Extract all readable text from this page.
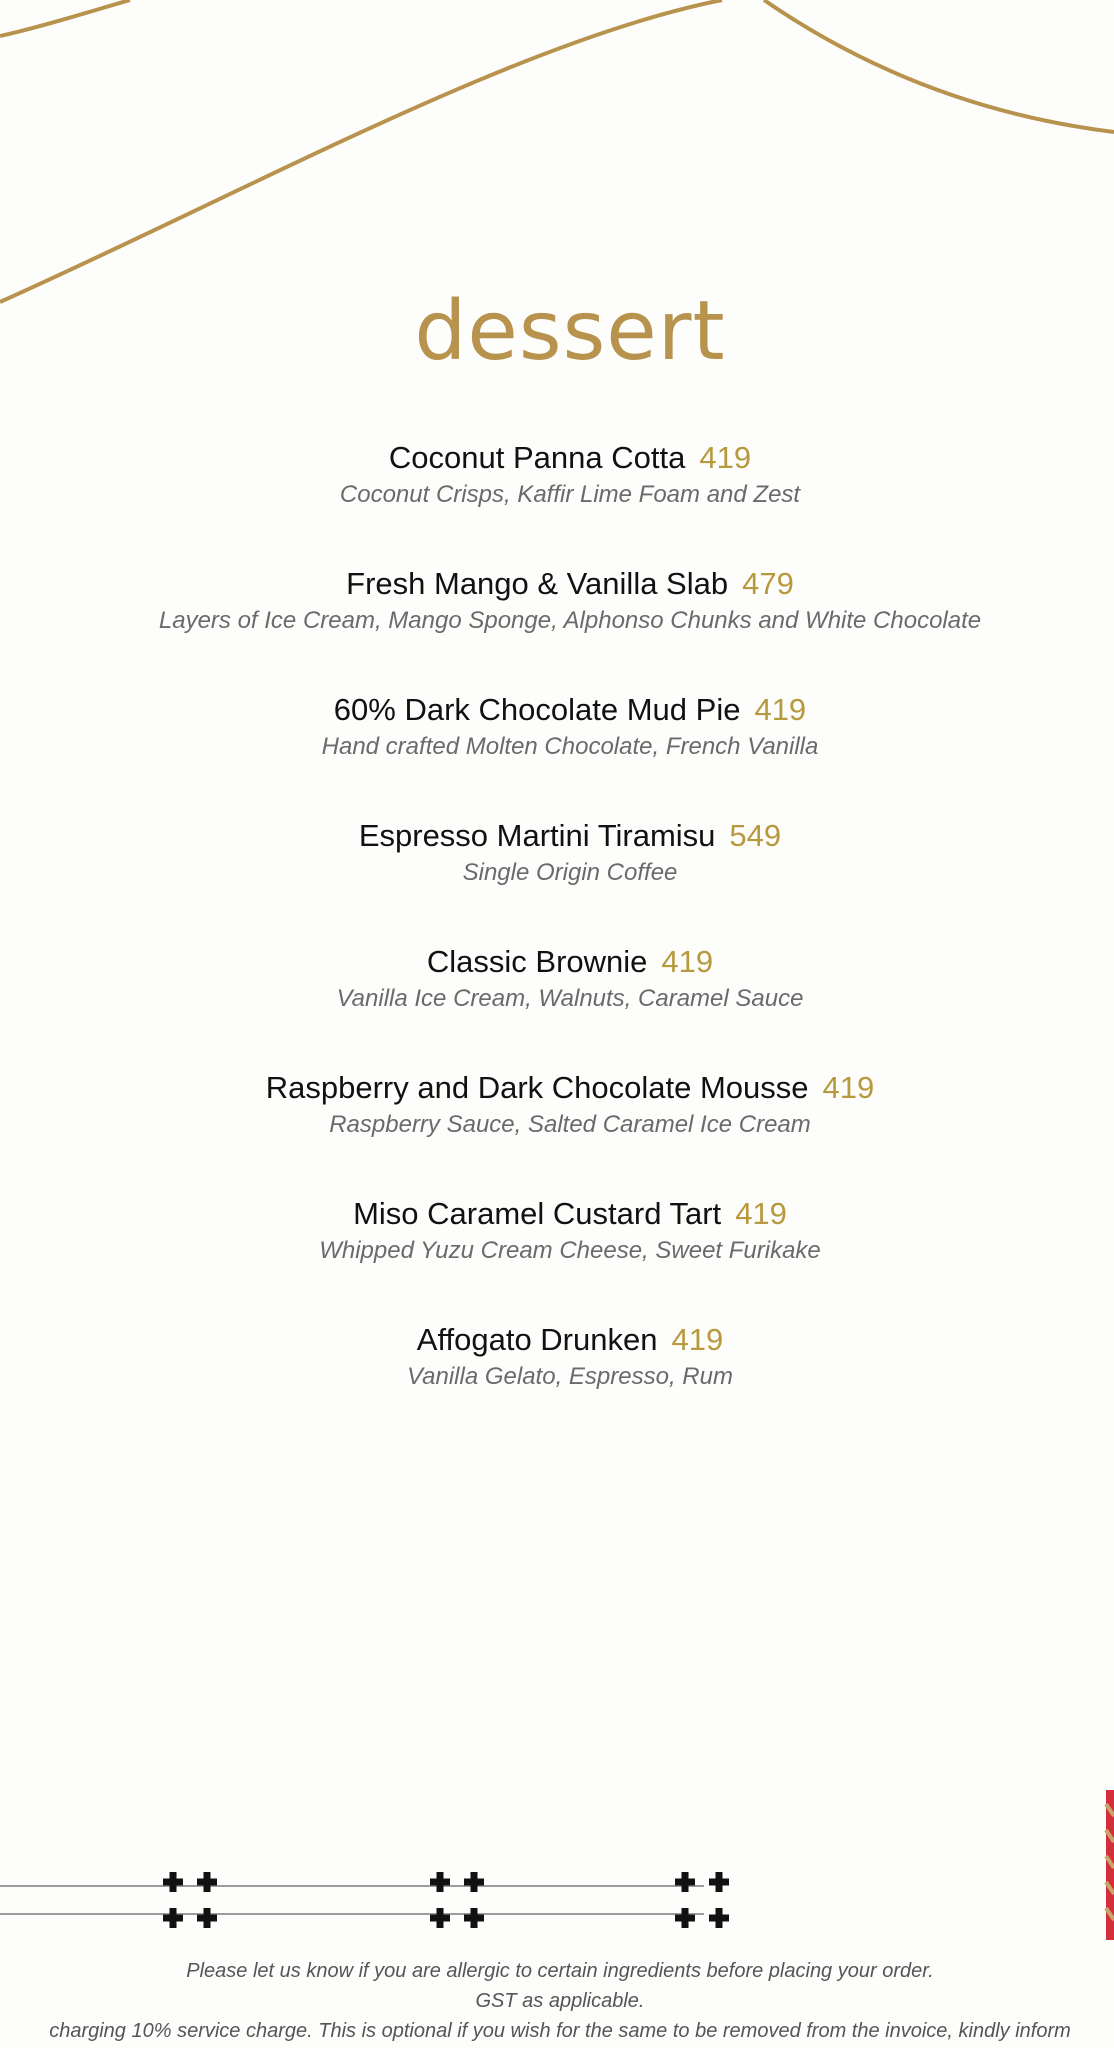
dessert
Coconut Panna Cotta 419
Coconut Crisps, Kaffir Lime Foam and Zest
Fresh Mango & Vanilla Slab 479
Layers of Ice Cream, Mango Sponge, Alphonso Chunks and White Chocolate
60% Dark Chocolate Mud Pie 419
Hand crafted Molten Chocolate, French Vanilla
Espresso Martini Tiramisu 549
Single Origin Coffee
Classic Brownie 419
Vanilla Ice Cream, Walnuts, Caramel Sauce
Raspberry and Dark Chocolate Mousse 419
Raspberry Sauce, Salted Caramel Ice Cream
Miso Caramel Custard Tart 419
Whipped Yuzu Cream Cheese, Sweet Furikake
Affogato Drunken 419
Vanilla Gelato, Espresso, Rum
Please let us know if you are allergic to certain ingredients before placing your order.
GST as applicable.
charging 10% service charge. This is optional if you wish for the same to be removed from the invoice, kindly inform
